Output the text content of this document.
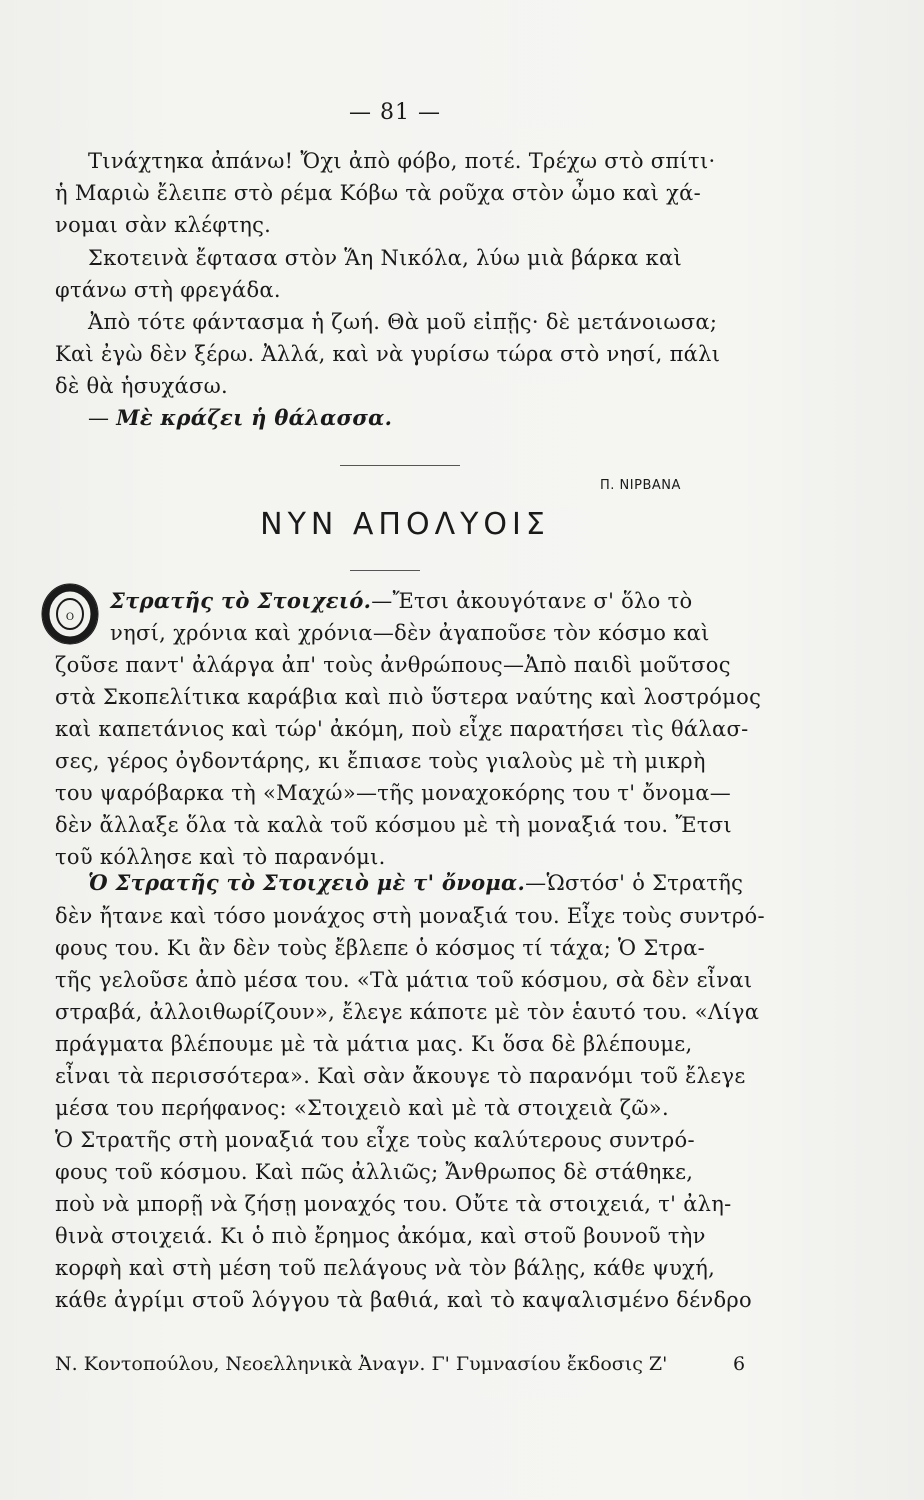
— 81 —
Τινάχτηκα ἀπάνω! Ὄχι ἀπὸ φόβο, ποτέ. Τρέχω στὸ σπίτι·
ἡ Μαριὼ ἔλειπε στὸ ρέμα Κόβω τὰ ροῦχα στὸν ὦμο καὶ χά-
νομαι σὰν κλέφτης.
Σκοτεινὰ ἔφτασα στὸν Ἅη Νικόλα, λύω μιὰ βάρκα καὶ
φτάνω στὴ φρεγάδα.
Ἀπὸ τότε φάντασμα ἡ ζωή. Θὰ μοῦ εἰπῇς· δὲ μετάνοιωσα;
Καὶ ἐγὼ δὲν ξέρω. Ἀλλά, καὶ νὰ γυρίσω τώρα στὸ νησί, πάλι
δὲ θὰ ἡσυχάσω.
— Μὲ κράζει ἡ θάλασσα.
Π. ΝΙΡΒΑΝΑ
ΝΥΝ ΑΠΟΛΥΟΙΣ
Ο
Στρατῆς τὸ Στοιχειό.—Ἔτσι ἀκουγότανε σ' ὅλο τὸ
νησί, χρόνια καὶ χρόνια—δὲν ἀγαποῦσε τὸν κόσμο καὶ
ζοῦσε παντ' ἀλάργα ἀπ' τοὺς ἀνθρώπους—Ἀπὸ παιδὶ μοῦτσος
στὰ Σκοπελίτικα καράβια καὶ πιὸ ὕστερα ναύτης καὶ λοστρόμος
καὶ καπετάνιος καὶ τώρ' ἀκόμη, ποὺ εἶχε παρατήσει τὶς θάλασ-
σες, γέρος ὀγδοντάρης, κι ἔπιασε τοὺς γιαλοὺς μὲ τὴ μικρὴ
του ψαρόβαρκα τὴ «Μαχώ»—τῆς μοναχοκόρης του τ' ὄνομα—
δὲν ἄλλαξε ὅλα τὰ καλὰ τοῦ κόσμου μὲ τὴ μοναξιά του. Ἔτσι
τοῦ κόλλησε καὶ τὸ παρανόμι.
Ὁ Στρατῆς τὸ Στοιχειὸ μὲ τ' ὄνομα.—Ὡστόσ' ὁ Στρατῆς
δὲν ἤτανε καὶ τόσο μονάχος στὴ μοναξιά του. Εἶχε τοὺς συντρό-
φους του. Κι ἂν δὲν τοὺς ἔβλεπε ὁ κόσμος τί τάχα; Ὁ Στρα-
τῆς γελοῦσε ἀπὸ μέσα του. «Τὰ μάτια τοῦ κόσμου, σὰ δὲν εἶναι
στραβά, ἀλλοιθωρίζουν», ἔλεγε κάποτε μὲ τὸν ἑαυτό του. «Λίγα
πράγματα βλέπουμε μὲ τὰ μάτια μας. Κι ὅσα δὲ βλέπουμε,
εἶναι τὰ περισσότερα». Καὶ σὰν ἄκουγε τὸ παρανόμι τοῦ ἔλεγε
μέσα του περήφανος: «Στοιχειὸ καὶ μὲ τὰ στοιχειὰ ζῶ».
Ὁ Στρατῆς στὴ μοναξιά του εἶχε τοὺς καλύτερους συντρό-
φους τοῦ κόσμου. Καὶ πῶς ἀλλιῶς; Ἄνθρωπος δὲ στάθηκε,
ποὺ νὰ μπορῇ νὰ ζήσῃ μοναχός του. Οὔτε τὰ στοιχειά, τ' ἀλη-
θινὰ στοιχειά. Κι ὁ πιὸ ἔρημος ἀκόμα, καὶ στοῦ βουνοῦ τὴν
κορφὴ καὶ στὴ μέση τοῦ πελάγους νὰ τὸν βάλῃς, κάθε ψυχή,
κάθε ἀγρίμι στοῦ λόγγου τὰ βαθιά, καὶ τὸ καψαλισμένο δένδρο
Ν. Κοντοπούλου, Νεοελληνικὰ Ἀναγν. Γ' Γυμνασίου ἔκδοσις Ζ'	6
